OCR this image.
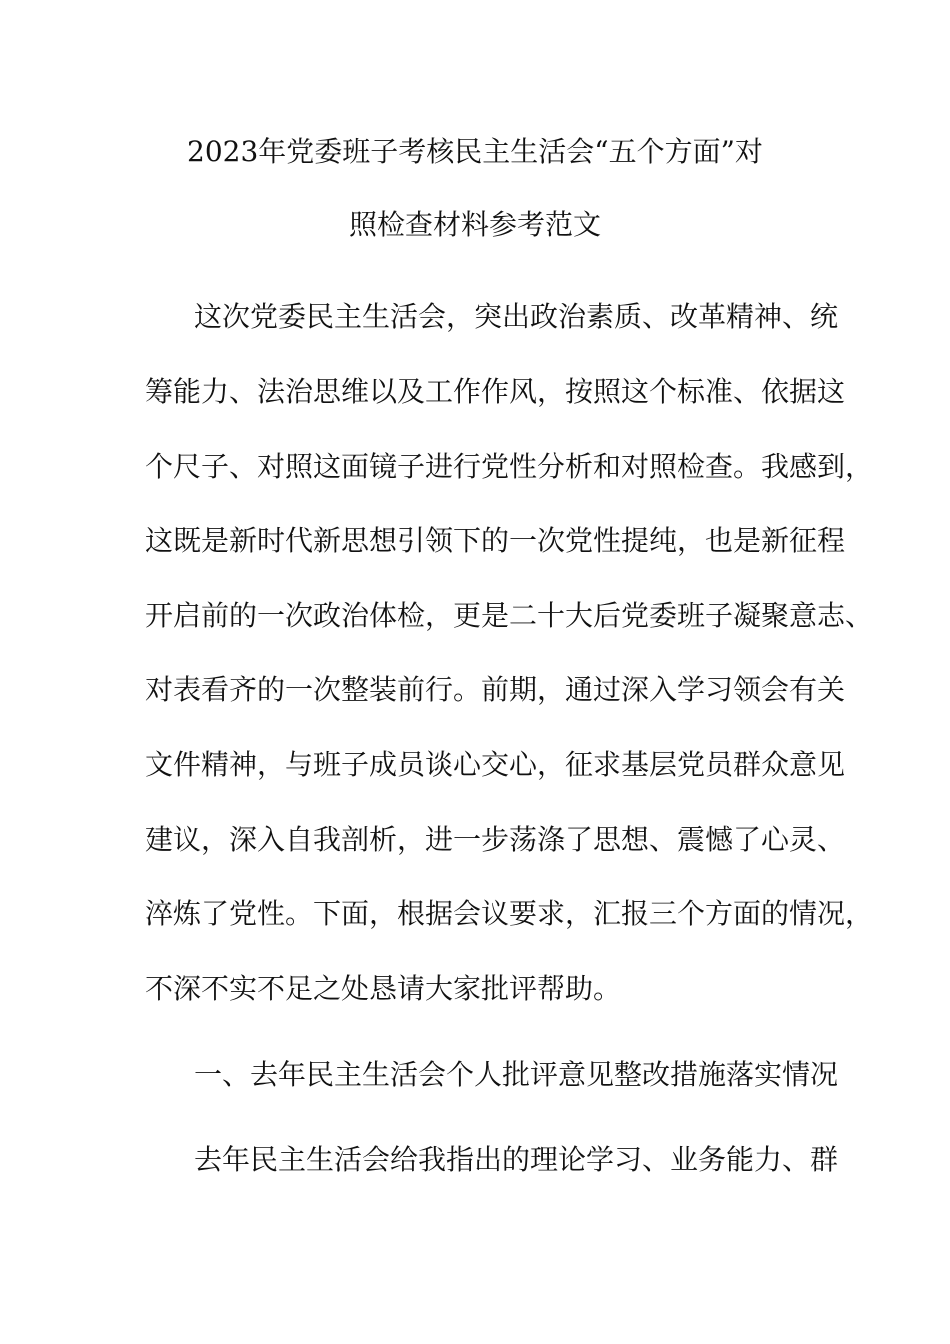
2023年党委班子考核民主生活会“五个方面”对
照检查材料参考范文
这次党委民主生活会，突出政治素质、改革精神、统
筹能力、法治思维以及工作作风，按照这个标准、依据这
个尺子、对照这面镜子进行党性分析和对照检查。我感到，
这既是新时代新思想引领下的一次党性提纯，也是新征程
开启前的一次政治体检，更是二十大后党委班子凝聚意志、
对表看齐的一次整装前行。前期，通过深入学习领会有关
文件精神，与班子成员谈心交心，征求基层党员群众意见
建议，深入自我剖析，进一步荡涤了思想、震憾了心灵、
淬炼了党性。下面，根据会议要求，汇报三个方面的情况，
不深不实不足之处恳请大家批评帮助。
一、去年民主生活会个人批评意见整改措施落实情况
去年民主生活会给我指出的理论学习、业务能力、群
